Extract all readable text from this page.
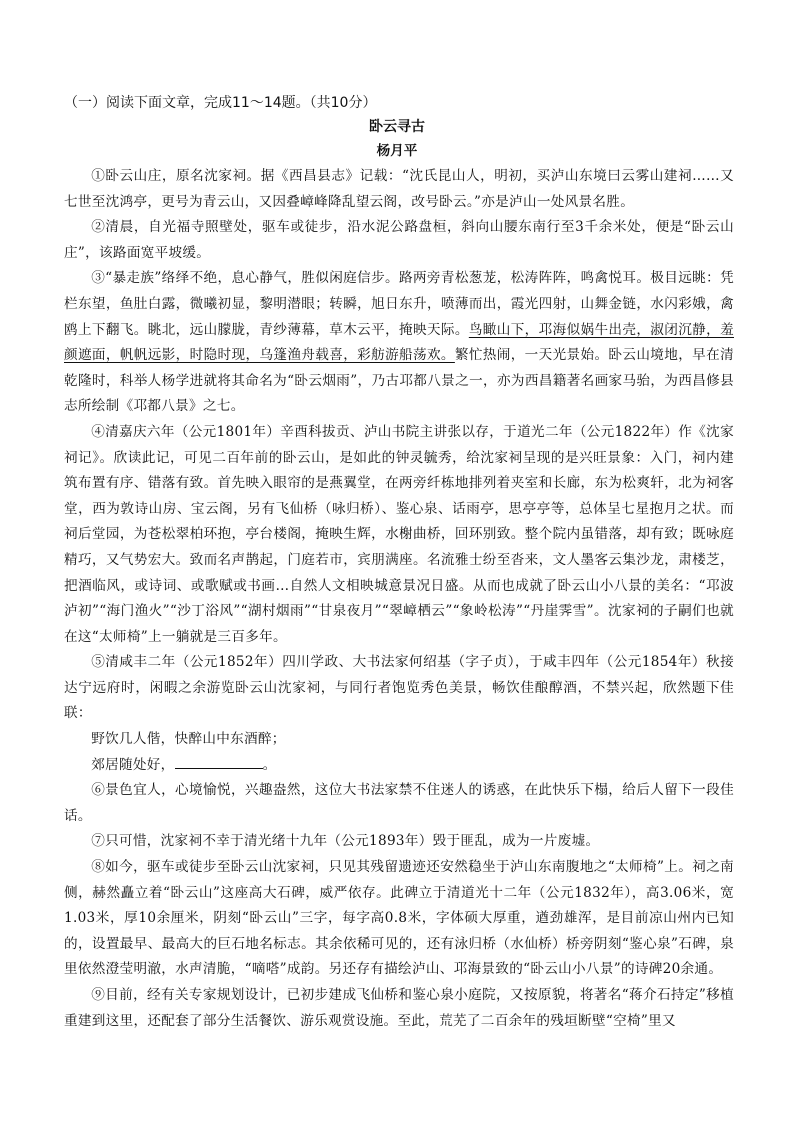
（一）阅读下面文章，完成11～14题。（共10分）
卧云寻古
杨月平

①卧云山庄，原名沈家祠。据《西昌县志》记载：“沈氏昆山人，明初，买泸山东境曰云雾山建祠……又七世至沈鸿亭，更号为青云山，又因叠嶂峰降乱望云阁，改号卧云。”亦是泸山一处风景名胜。

②清晨，自光福寺照壁处，驱车或徒步，沿水泥公路盘桓，斜向山腰东南行至3千余米处，便是“卧云山庄”，该路面宽平坡缓。

③“暴走族”络绎不绝，息心静气，胜似闲庭信步。路两旁青松葱茏，松涛阵阵，鸣禽悦耳。极目远眺：凭栏东望，鱼肚白露，微曦初显，黎明潜眼；转瞬，旭日东升，喷薄而出，霞光四射，山舞金链，水闪彩娥，禽鸥上下翻飞。眺北，远山朦胧，青纱薄幕，草木云平，掩映天际。鸟瞰山下，邛海似娲牛出壳，淑闭沉静，羞颜遮面，帆帆远影，时隐时现，乌篷渔舟载喜，彩舫游船荡欢。繁忙热闹，一天光景始。卧云山境地，早在清乾隆时，科举人杨学进就将其命名为“卧云烟雨”，乃古邛都八景之一，亦为西昌籍著名画家马骀，为西昌修县志所绘制《邛都八景》之七。

④清嘉庆六年（公元1801年）辛酉科拔贡、泸山书院主讲张以存，于道光二年（公元1822年）作《沈家祠记》。欣读此记，可见二百年前的卧云山，是如此的钟灵毓秀，给沈家祠呈现的是兴旺景象：入门，祠内建筑布置有序、错落有致。首先映入眼帘的是燕翼堂，在两旁纤栋地排列着夹室和长廊，东为松爽轩，北为祠客堂，西为敦诗山房、宝云阁，另有飞仙桥（咏归桥）、鉴心泉、话雨亭，思亭亭等，总体呈七星抱月之状。而祠后堂园，为苍松翠柏环抱，亭台楼阁，掩映生辉，水榭曲桥，回环别致。整个院内虽错落，却有致；既咏庭精巧，又气势宏大。致而名声鹊起，门庭若市，宾朋满座。名流雅士纷至沓来，文人墨客云集沙龙，肃楼芝，把酒临风，或诗词、或歌赋或书画…自然人文相映城意景况日盛。从而也成就了卧云山小八景的美名：“邛波泸初”“海门渔火”“沙丁浴风”“湖村烟雨”“甘泉夜月”“翠嶂栖云”“象岭松涛”“丹崖霁雪”。沈家祠的子嗣们也就在这“太师椅”上一躺就是三百多年。

⑤清咸丰二年（公元1852年）四川学政、大书法家何绍基（字子贞），于咸丰四年（公元1854年）秋接达宁远府时，闲暇之余游览卧云山沈家祠，与同行者饱览秀色美景，畅饮佳酿醇酒，不禁兴起，欣然题下佳联：

野饮几人偕，快醉山中东酒醉；

郊居随处好，	。

⑥景色宜人，心境愉悦，兴趣盎然，这位大书法家禁不住迷人的诱惑，在此快乐下榻，给后人留下一段佳话。

⑦只可惜，沈家祠不幸于清光绪十九年（公元1893年）毁于匪乱，成为一片废墟。

⑧如今，驱车或徒步至卧云山沈家祠，只见其残留遗迹还安然稳坐于泸山东南腹地之“太师椅”上。祠之南侧，赫然矗立着“卧云山”这座高大石碑，威严依存。此碑立于清道光十二年（公元1832年），高3.06米，宽1.03米，厚10余厘米，阴刻“卧云山”三字，每字高0.8米，字体硕大厚重，遒劲雄浑，是目前凉山州内已知的，设置最早、最高大的巨石地名标志。其余依稀可见的，还有泳归桥（水仙桥）桥旁阴刻“鉴心泉”石碑，泉里依然澄莹明澈，水声清脆，“嘀嗒”成韵。另还存有描绘泸山、邛海景致的“卧云山小八景”的诗碑20余通。

⑨目前，经有关专家规划设计，已初步建成飞仙桥和鉴心泉小庭院，又按原貌，将著名“蒋介石持定”移植重建到这里，还配套了部分生活餐饮、游乐观赏设施。至此，荒芜了二百余年的残垣断壁“空椅”里又
